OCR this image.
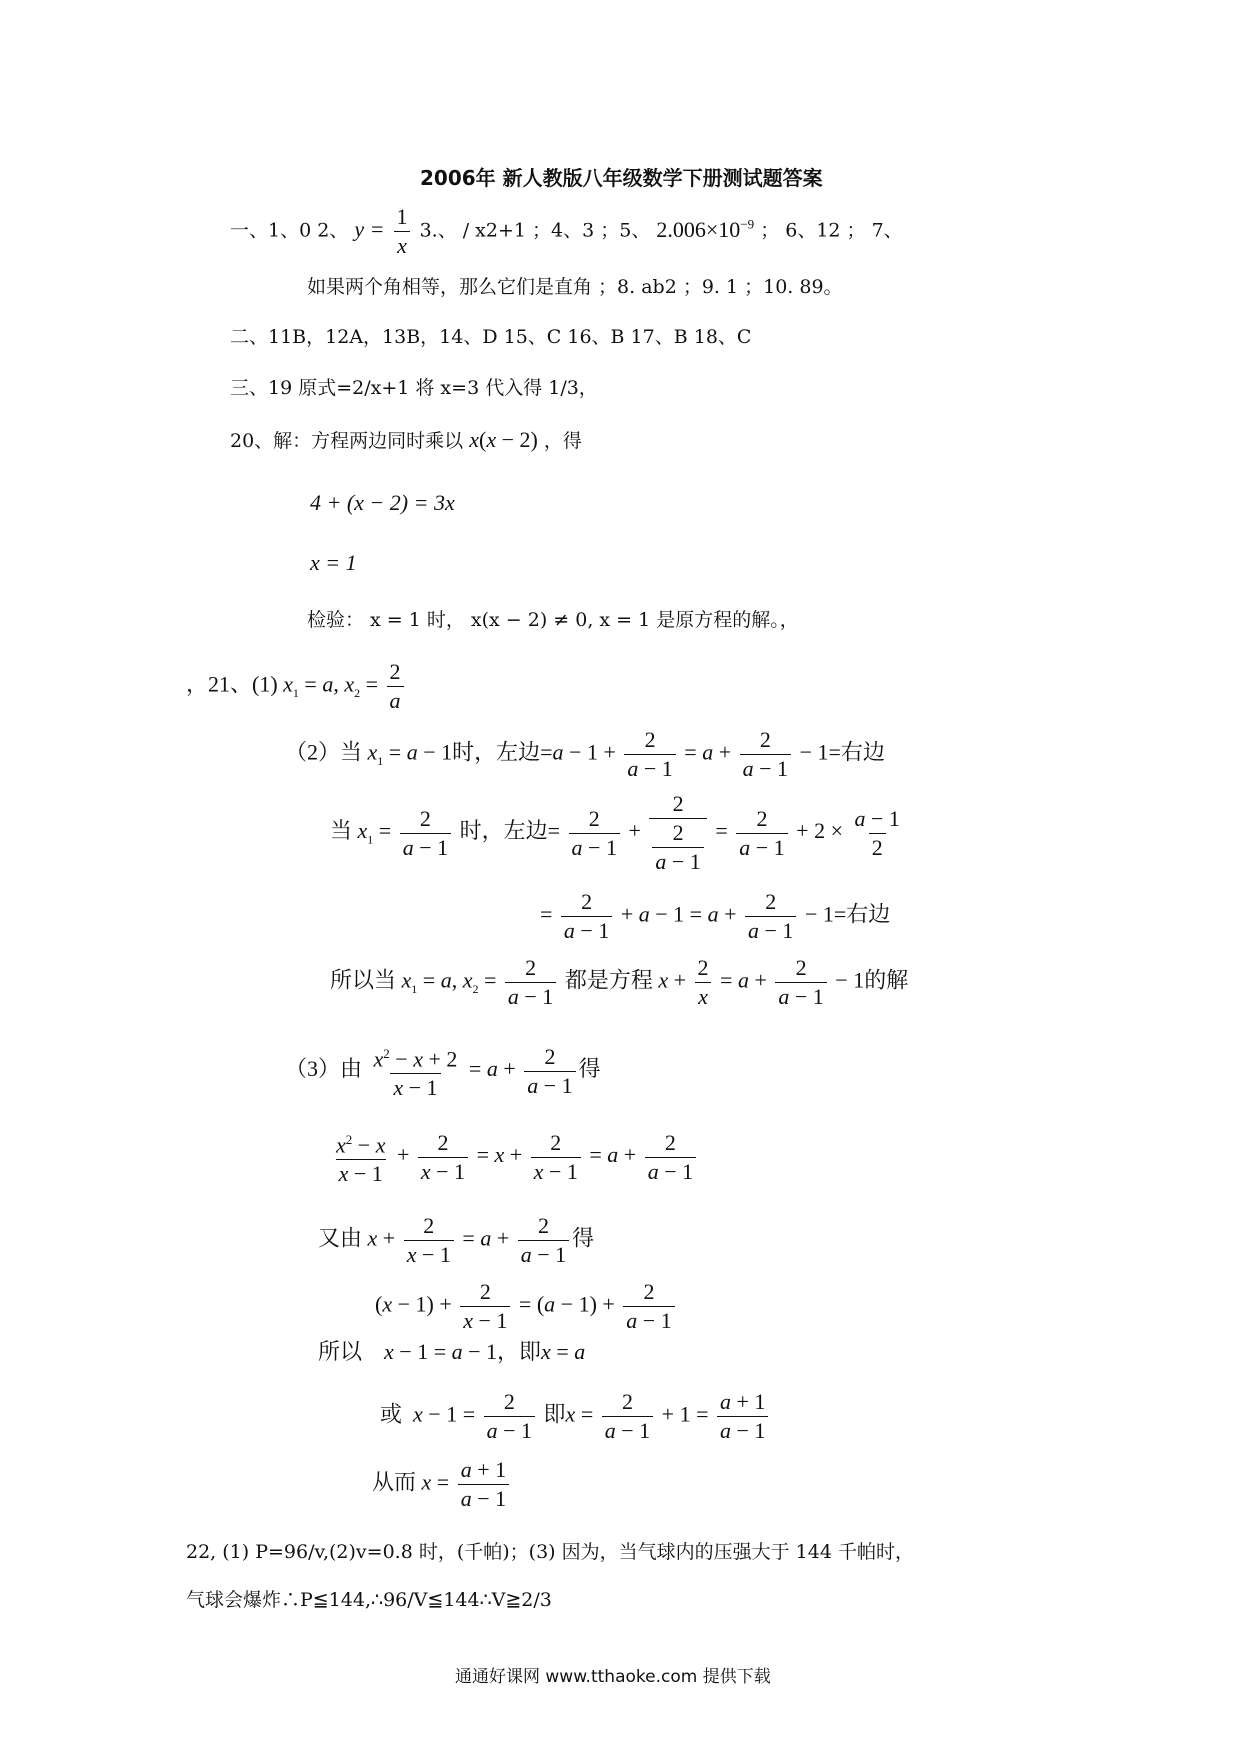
2006年 新人教版八年级数学下册测试题答案
一、1、0 2、 $y = \frac{1}{x} 3$.、 / x2+1 ；4、3 ；5、 $2.006\times 10^{-9}$ ； 6、12 ； 7、
如果两个角相等，那么它们是直角 ；8. ab2 ；9. 1 ；10. 89。
二、11B，12A，13B，14、D 15、C 16、B 17、B 18、C
三、19 原式=2/x+1 将 x=3 代入得 1/3，
20、解：方程两边同时乘以 x(x − 2) ，得
4 + (x − 2) = 3x
x = 1
检验： x = 1 时， x(x − 2) ≠ 0, x = 1 是原方程的解。，
，21、(1) $x_1 = a$, $x_2 = \frac{2}{a}$
（2）当 $x_1 = a - 1$时，左边$=a - 1 + \frac{2}{a - 1} = a + \frac{2}{a - 1} - 1=$右边
当 $x_1 = \frac{2}{a - 1}$ 时，左边= $\frac{2}{a - 1} + \frac{2}{\frac{2}{a - 1}} = \frac{2}{a - 1} + 2 \times \frac{a - 1}{2}$
= $\frac{2}{a - 1} + a - 1 = a + \frac{2}{a - 1} - 1=$右边
所以当 $x_1 = a$, $x_2 = \frac{2}{a - 1}$ 都是方程 $x + \frac{2}{x} = a + \frac{2}{a - 1} - 1$的解
（3）由 $\frac{x^2 - x + 2}{x - 1} = a + \frac{2}{a - 1}$ 得
$\frac{x^2 - x}{x - 1} + \frac{2}{x - 1} = x + \frac{2}{x - 1} = a + \frac{2}{a - 1}$
又由 $x + \frac{2}{x - 1} = a + \frac{2}{a - 1}$ 得
$(x - 1) + \frac{2}{x - 1} = (a - 1) + \frac{2}{a - 1}$
所以 x − 1 = a − 1，即x = a
或 $x - 1 = \frac{2}{a - 1}$ 即$x = \frac{2}{a - 1} + 1 = \frac{a + 1}{a - 1}$
从而 $x = \frac{a + 1}{a - 1}$
22, (1) P=96/v,(2)v=0.8 时，(千帕)；(3) 因为，当气球内的压强大于 144 千帕时，
气球会爆炸∴P≦144,∴96/V≦144∴V≧2/3
通通好课网 www.tthaoke.com 提供下载
